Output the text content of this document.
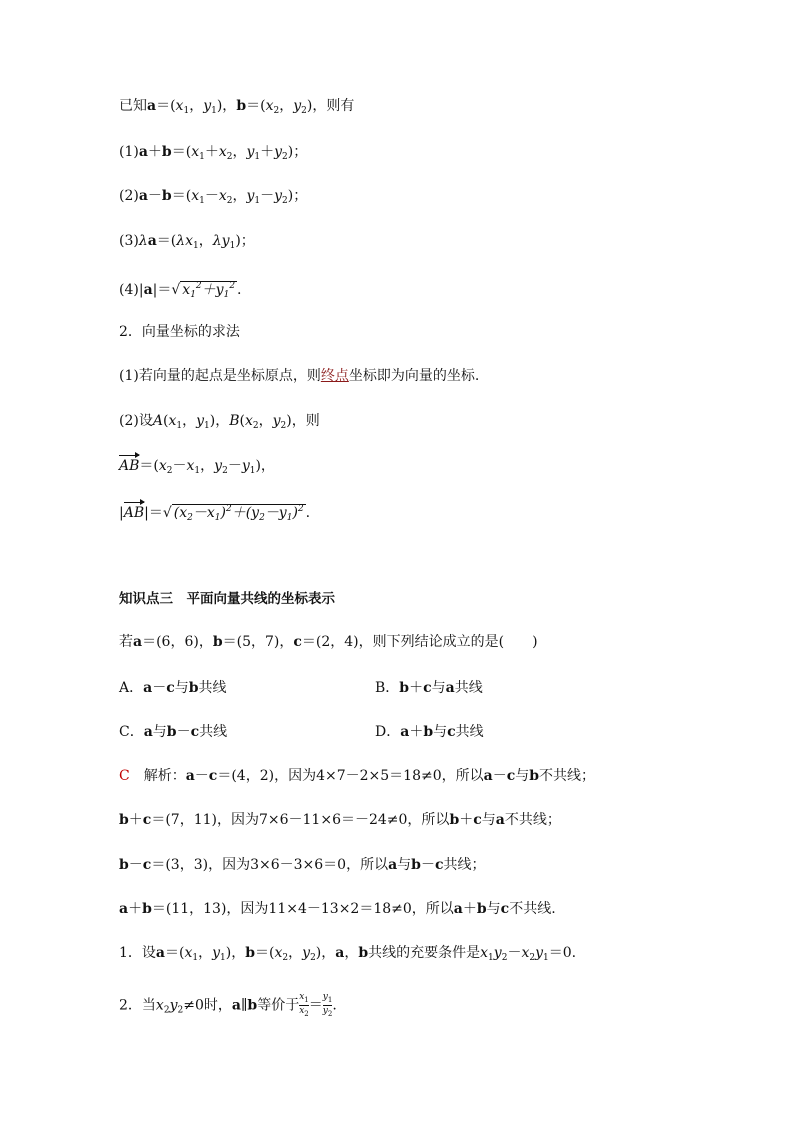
已知$a=(x_1$，$y_1$)，$b=(x_2$，$y_2$)，则有
$(1)a+b=(x_1+x_2$，$y_1+y_2$)；
$(2)a-b=(x_1-x_2$，$y_1-y_2$)；
$(3)\lambda a=(\lambda x_1$，$\lambda y_1$)；
(4)|a|＝√ $x_1^2+y_1^2$ .
2．向量坐标的求法
(1)若向量的起点是坐标原点，则终点坐标即为向量的坐标.
(2)设$A(x_1$，$y_1$)，$B(x_2$，$y_2$)，则
$AB=(x_2-x_1$，$y_2-y_1$)，
|AB|＝√ $(x_2-x_1)^2+(y_2-y_1)^2$ .
知识点三　平面向量共线的坐标表示
若a＝(6，6)，b＝(5，7)，c＝(2，4)，则下列结论成立的是(　　)
A．a－c与b共线	B．b＋c与a共线
C．a与b－c共线	D．a＋b与c共线
C　解析：a－c＝(4，2)，因为4×7－2×5＝18≠0，所以a－c与b不共线；
b＋c＝(7，11)，因为7×6－11×6＝－24≠0，所以b＋c与a不共线；
b－c＝(3，3)，因为3×6－3×6＝0，所以a与b－c共线；
a＋b＝(11，13)，因为11×4－13×2＝18≠0，所以a＋b与c不共线.
1．设$a=(x_1$，$y_1$)，$b=(x_2$，$y_2$)，a，b共线的充要条件是$x_1y_2-x_2y_1=0$.
2．当$x_2y_2\ne 0$时，a∥b等价于 $\frac{x_1}{x_2} = \frac{y_1}{y_2}$ .
